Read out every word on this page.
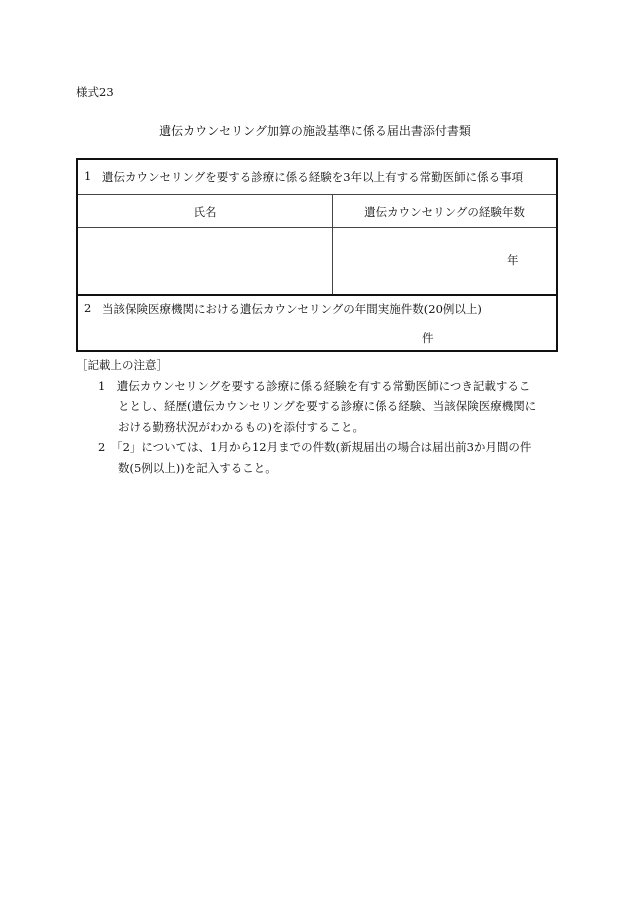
様式23
遺伝カウンセリング加算の施設基準に係る届出書添付書類
1 遺伝カウンセリングを要する診療に係る経験を3年以上有する常勤医師に係る事項
氏名	遺伝カウンセリングの経験年数
年
2 当該保険医療機関における遺伝カウンセリングの年間実施件数(20例以上)
件
［記載上の注意］
1　遺伝カウンセリングを要する診療に係る経験を有する常勤医師につき記載するこ
ととし、経歴(遺伝カウンセリングを要する診療に係る経験、当該保険医療機関に
おける勤務状況がわかるもの)を添付すること。
2　「2」については、1月から12月までの件数(新規届出の場合は届出前3か月間の件
数(5例以上))を記入すること。
